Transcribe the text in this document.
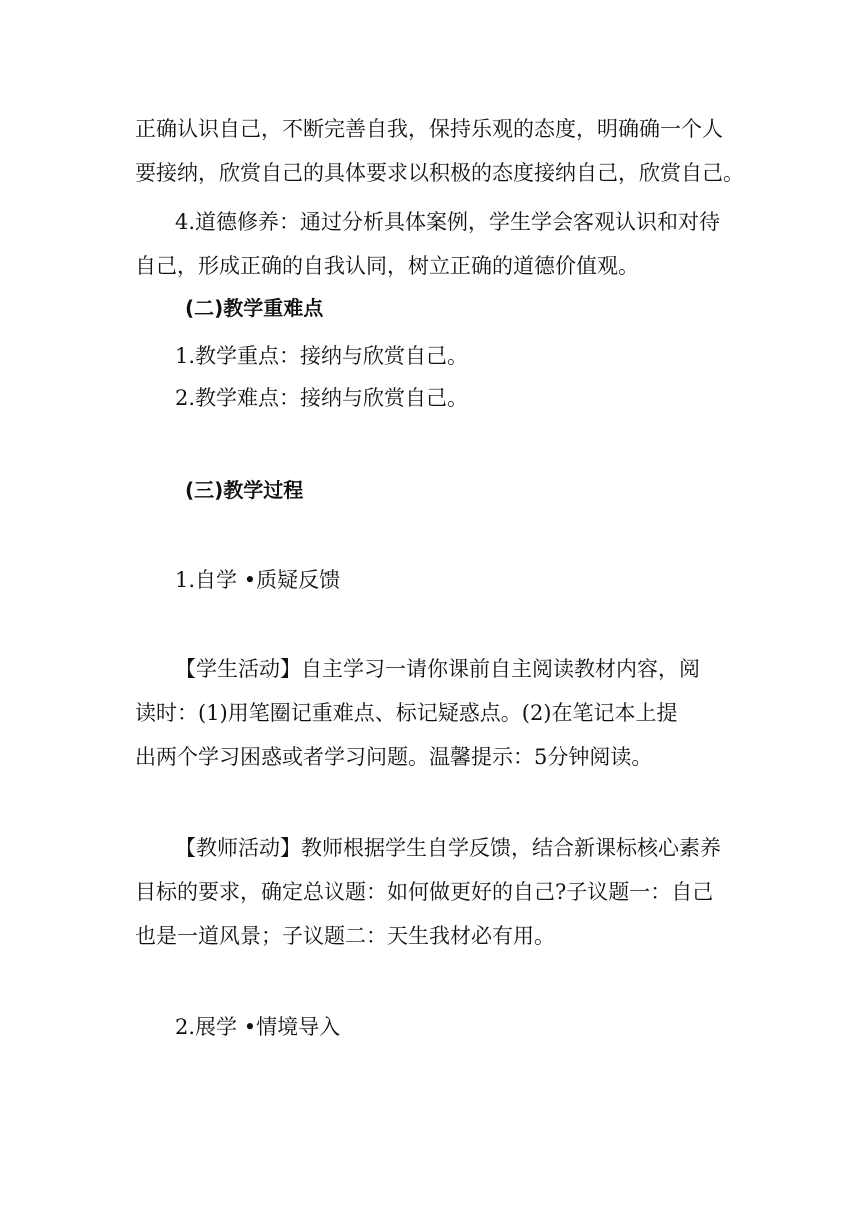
正确认识自己，不断完善自我，保持乐观的态度，明确确一个人
要接纳，欣赏自己的具体要求以积极的态度接纳自己，欣赏自己。
4.道德修养：通过分析具体案例，学生学会客观认识和对待
自己，形成正确的自我认同，树立正确的道德价值观。
(二)教学重难点
1.教学重点：接纳与欣赏自己。
2.教学难点：接纳与欣赏自己。
(三)教学过程
1.自学 •质疑反馈
【学生活动】自主学习一请你课前自主阅读教材内容，阅
读时：(1)用笔圈记重难点、标记疑惑点。(2)在笔记本上提
出两个学习困惑或者学习问题。温馨提示：5分钟阅读。
【教师活动】教师根据学生自学反馈，结合新课标核心素养
目标的要求，确定总议题：如何做更好的自己?子议题一：自己
也是一道风景；子议题二：天生我材必有用。
2.展学 •情境导入
